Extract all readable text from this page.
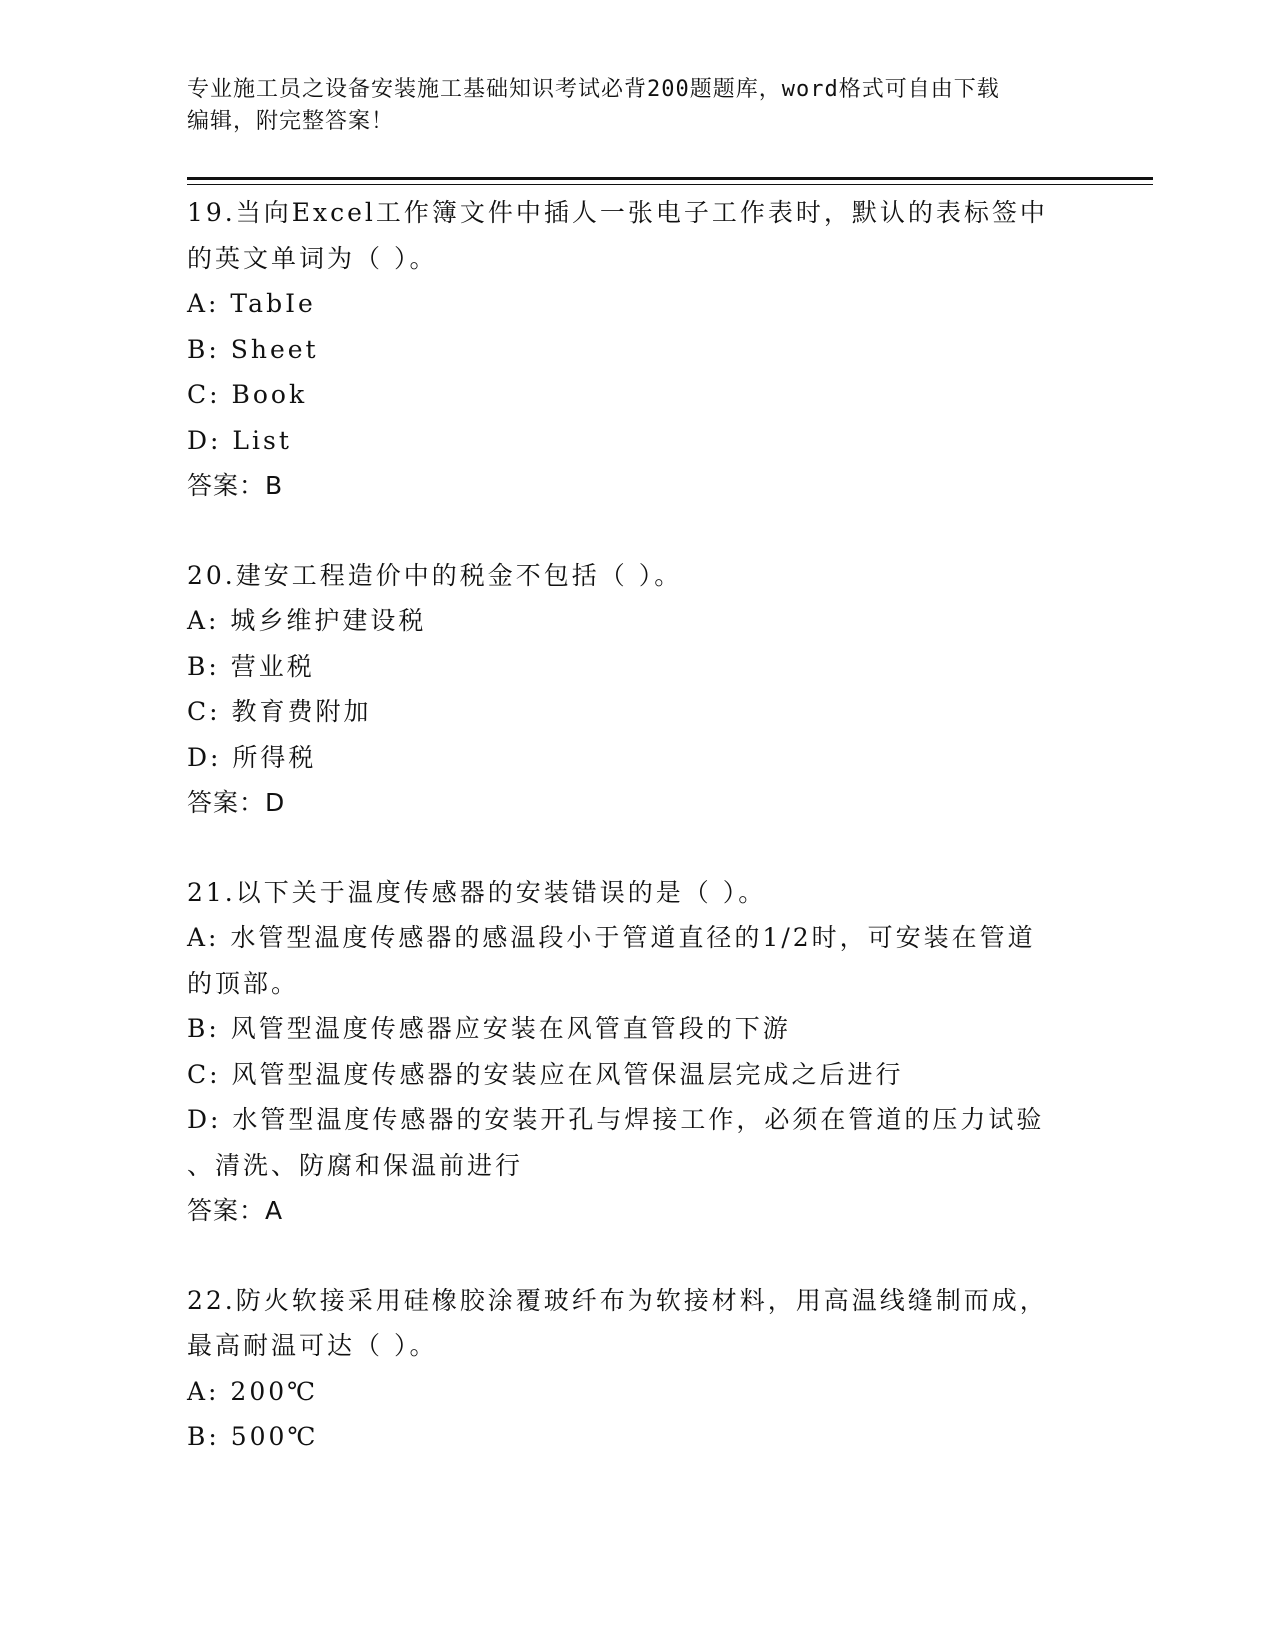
专业施工员之设备安装施工基础知识考试必背200题题库，word格式可自由下载
编辑，附完整答案！
19.当向Excel工作簿文件中插人一张电子工作表时，默认的表标签中
的英文单词为（ ）。
A: TabIe
B: Sheet
C: Book
D: List
答案：B
20.建安工程造价中的税金不包括（ ）。
A: 城乡维护建设税
B: 营业税
C: 教育费附加
D: 所得税
答案：D
21.以下关于温度传感器的安装错误的是（ ）。
A: 水管型温度传感器的感温段小于管道直径的1/2时，可安装在管道
的顶部。
B: 风管型温度传感器应安装在风管直管段的下游
C: 风管型温度传感器的安装应在风管保温层完成之后进行
D: 水管型温度传感器的安装开孔与焊接工作，必须在管道的压力试验
、清洗、防腐和保温前进行
答案：A
22.防火软接采用硅橡胶涂覆玻纤布为软接材料，用高温线缝制而成，
最高耐温可达（ ）。
A: 200℃
B: 500℃
